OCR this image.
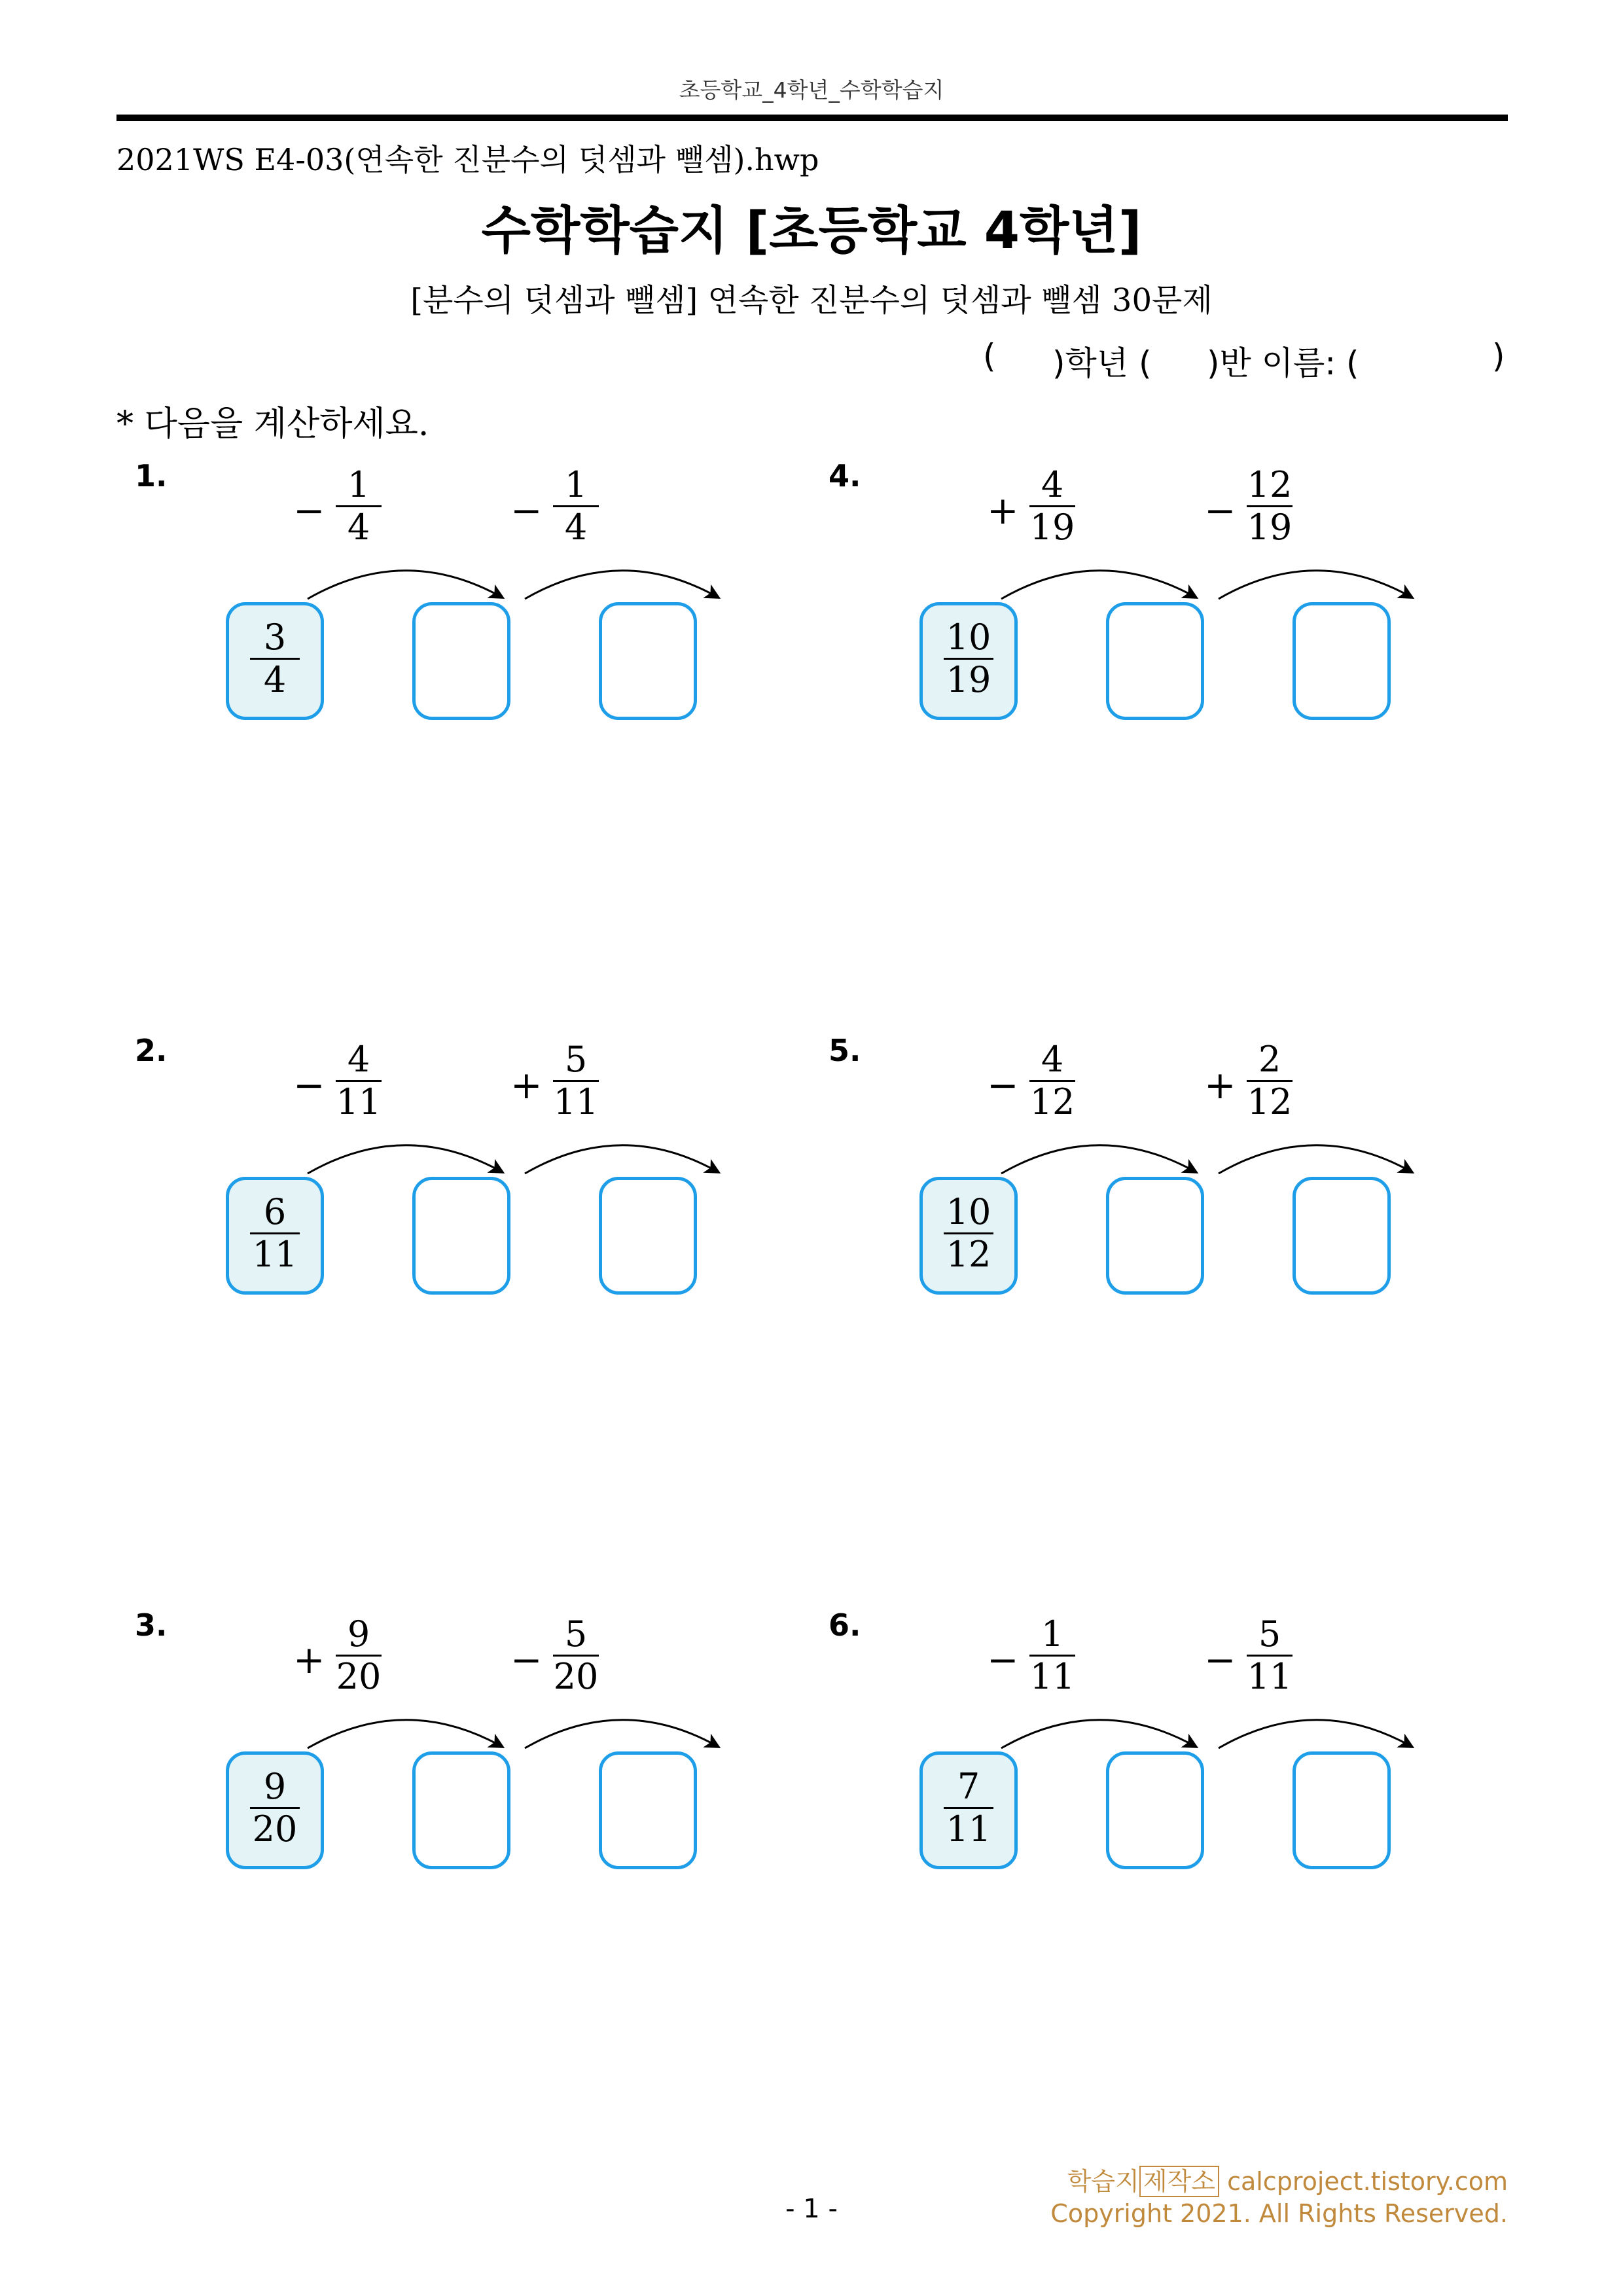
초등학교_4학년_수학학습지
2021WS E4-03(연속한 진분수의 덧셈과 뺄셈).hwp
수학학습지 [초등학교 4학년]
[분수의 덧셈과 뺄셈] 연속한 진분수의 덧셈과 뺄셈 30문제
( )학년 ( )반 이름: (	)
* 다음을 계산하세요.
1.
−
1
4	−
1
4
3
4
2.
−
4
11	+
5
11
6
11
3.
+
9
20	−
5
20
9
20
4.
+
4
19	−
12
19
10
19
5.
−
4
12	+
2
12
10
12
6.
−
1
11	−
5
11
7
11
학습지 제작소 calcproject.tistory.com
Copyright 2021. All Rights Reserved.
- 1 -
